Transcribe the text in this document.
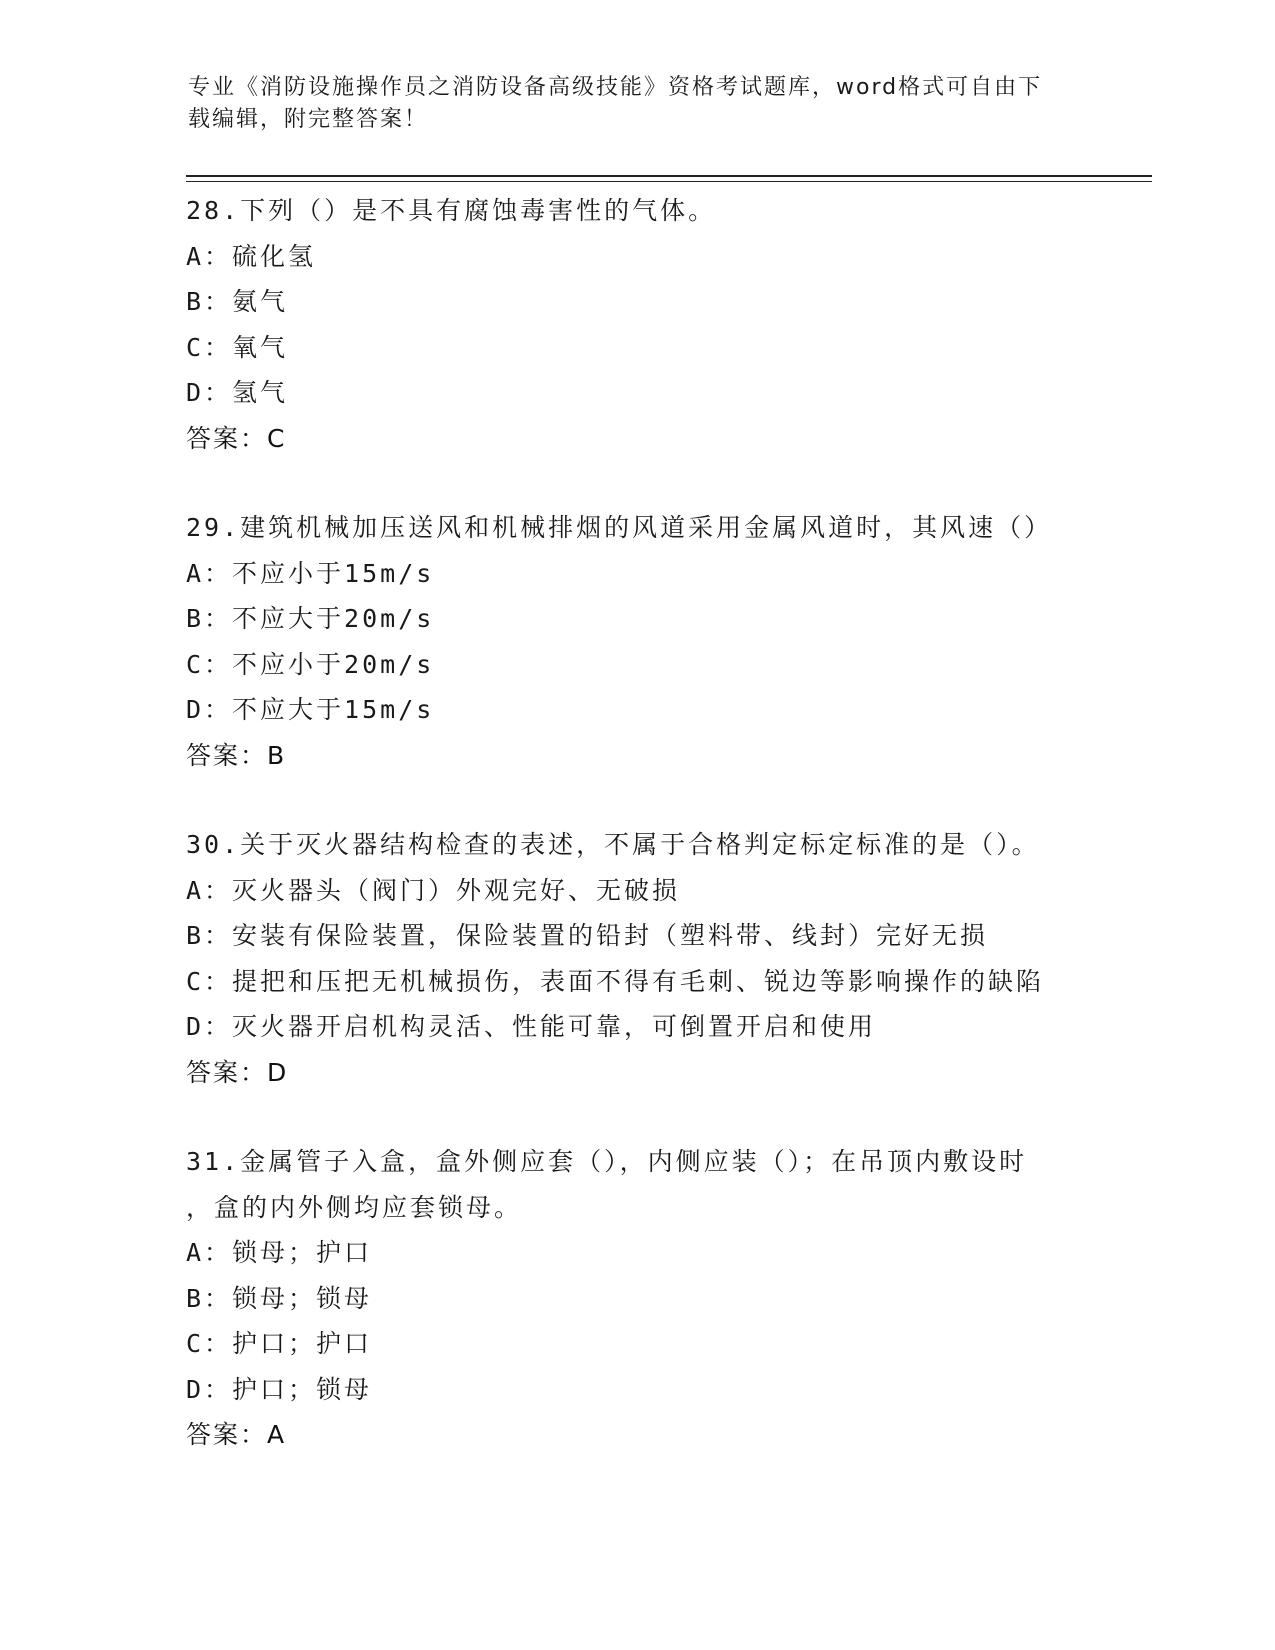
专业《消防设施操作员之消防设备高级技能》资格考试题库，word格式可自由下
载编辑，附完整答案！
28.下列（）是不具有腐蚀毒害性的气体。
A：硫化氢
B：氨气
C：氧气
D：氢气
答案：C
29.建筑机械加压送风和机械排烟的风道采用金属风道时，其风速（）
A：不应小于15m/s
B：不应大于20m/s
C：不应小于20m/s
D：不应大于15m/s
答案：B
30.关于灭火器结构检查的表述，不属于合格判定标定标准的是（）。
A：灭火器头（阀门）外观完好、无破损
B：安装有保险装置，保险装置的铅封（塑料带、线封）完好无损
C：提把和压把无机械损伤，表面不得有毛刺、锐边等影响操作的缺陷
D：灭火器开启机构灵活、性能可靠，可倒置开启和使用
答案：D
31.金属管子入盒，盒外侧应套（），内侧应装（）；在吊顶内敷设时
，盒的内外侧均应套锁母。
A：锁母；护口
B：锁母；锁母
C：护口；护口
D：护口；锁母
答案：A
